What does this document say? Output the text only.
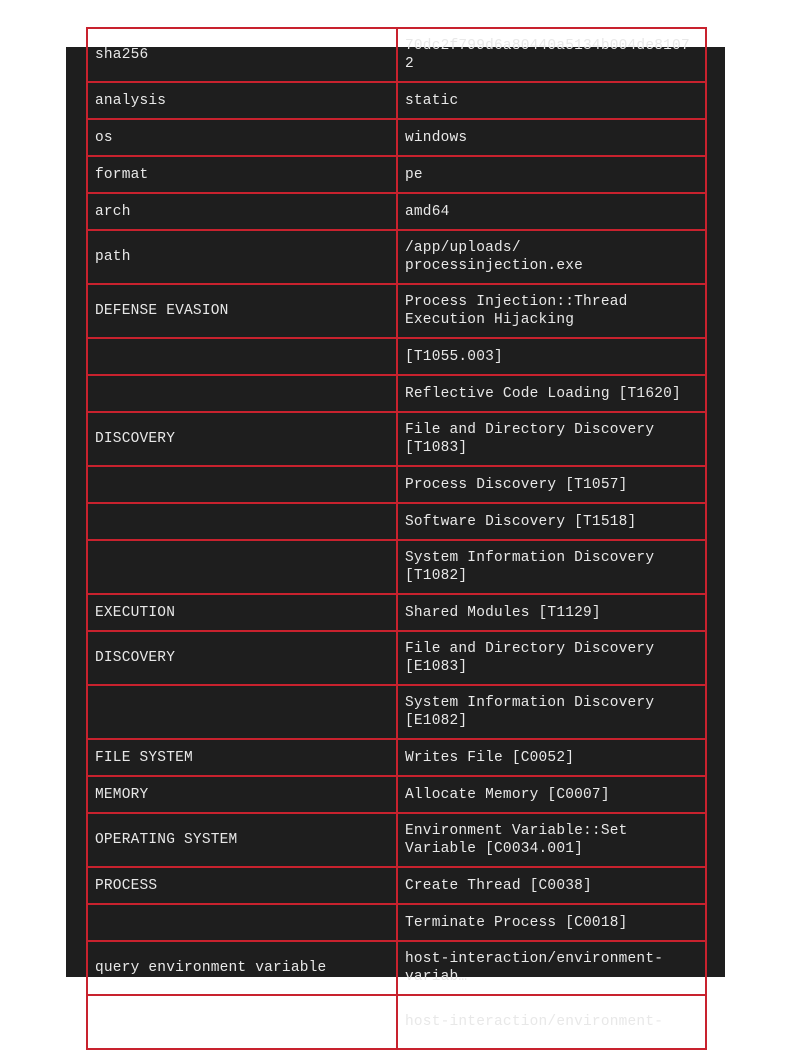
sha256	70dc2f799d6a80440a5134b004de81072
analysis	static
os	windows
format	pe
arch	amd64
path	/app/uploads/ processinjection.exe
DEFENSE EVASION	Process Injection::Thread Execution Hijacking
	[T1055.003]
	Reflective Code Loading [T1620]
DISCOVERY	File and Directory Discovery [T1083]
	Process Discovery [T1057]
	Software Discovery [T1518]
	System Information Discovery [T1082]
EXECUTION	Shared Modules [T1129]
DISCOVERY	File and Directory Discovery [E1083]
	System Information Discovery [E1082]
FILE SYSTEM	Writes File [C0052]
MEMORY	Allocate Memory [C0007]
OPERATING SYSTEM	Environment Variable::Set Variable [C0034.001]
PROCESS	Create Thread [C0038]
	Terminate Process [C0018]
query environment variable	host-interaction/environment-variab…
	host-interaction/environment-
